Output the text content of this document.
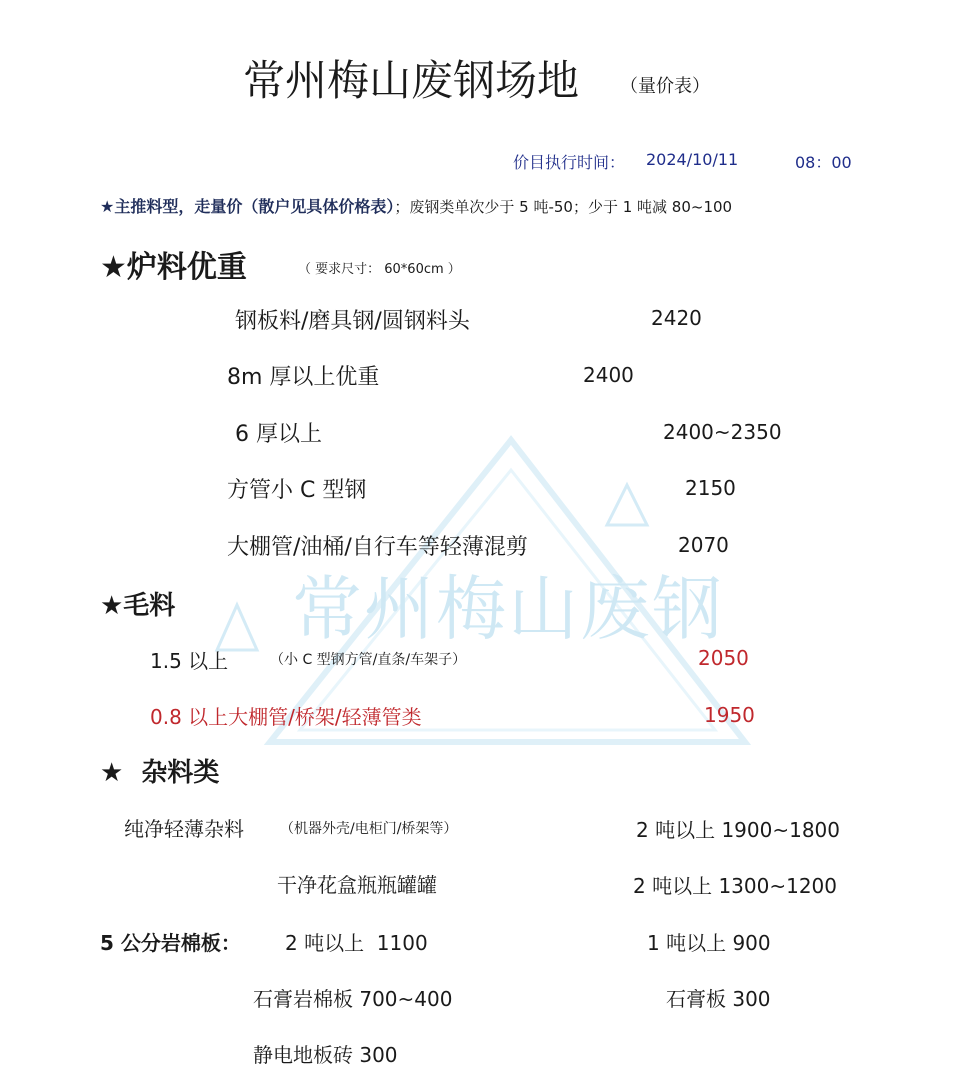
常州梅山废钢
常州梅山废钢场地 （量价表）
价目执行时间： 2024/10/11	08：00
★主推料型，走量价（散户见具体价格表）；废钢类单次少于 5 吨-50；少于 1 吨减 80~100
★炉料优重	（ 要求尺寸： 60*60cm ）
钢板料/磨具钢/圆钢料头	2420
8m 厚以上优重	2400
6 厚以上	2400~2350
方管小 C 型钢	2150
大棚管/油桶/自行车等轻薄混剪	2070
★毛料
1.5 以上	（小 C 型钢方管/直条/车架子）	2050
0.8 以上大棚管/桥架/轻薄管类	1950
★  杂料类
纯净轻薄杂料	（机器外壳/电柜门/桥架等）	2 吨以上 1900~1800
干净花盒瓶瓶罐罐	2 吨以上 1300~1200
5 公分岩棉板： 2 吨以上  1100	1 吨以上 900
石膏岩棉板 700~400	石膏板 300
静电地板砖 300
